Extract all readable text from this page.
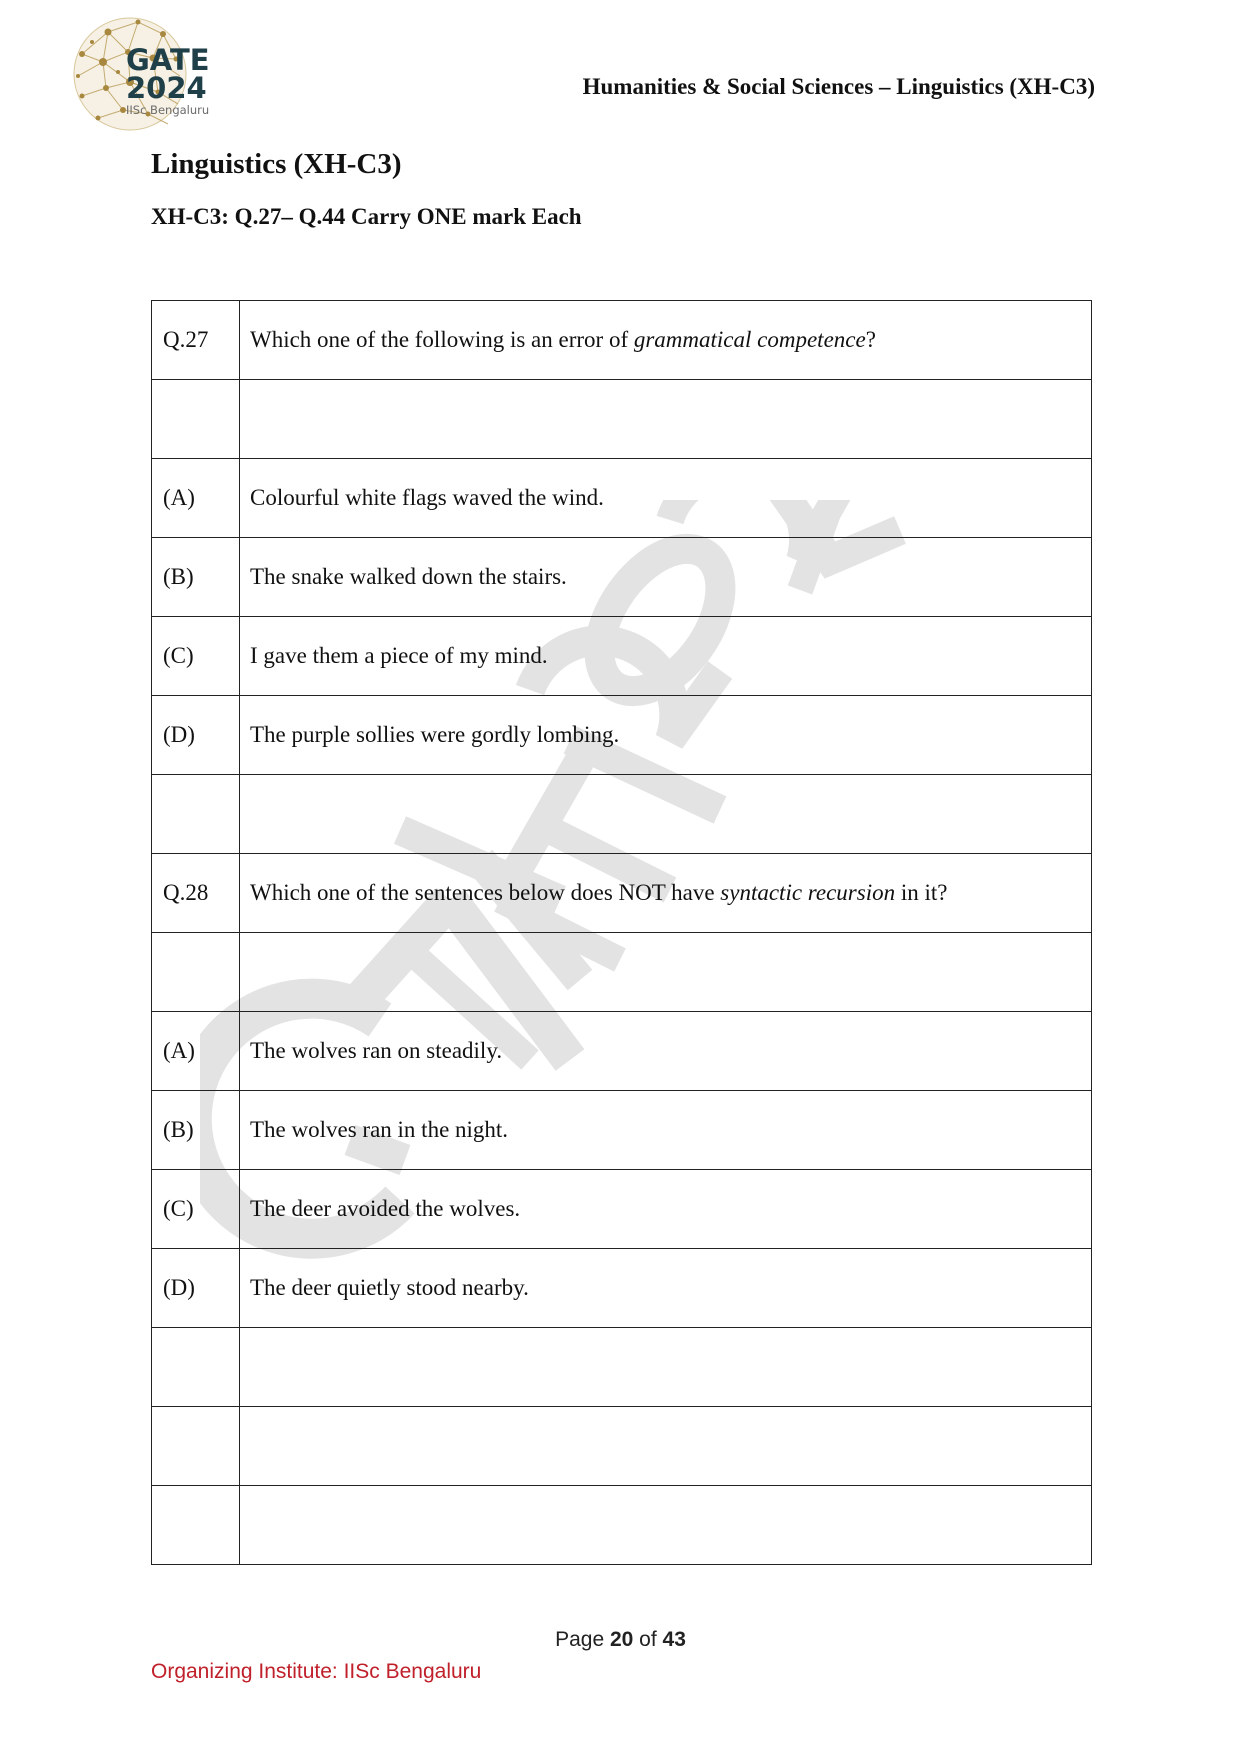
GATE
2024
IISc Bengaluru
Humanities & Social Sciences – Linguistics (XH-C3)
Linguistics (XH-C3)
XH-C3: Q.27– Q.44 Carry ONE mark Each
Q.27	Which one of the following is an error of grammatical competence?

(A)	Colourful white flags waved the wind.
(B)	The snake walked down the stairs.
(C)	I gave them a piece of my mind.
(D)	The purple sollies were gordly lombing.

Q.28	Which one of the sentences below does NOT have syntactic recursion in it?

(A)	The wolves ran on steadily.
(B)	The wolves ran in the night.
(C)	The deer avoided the wolves.
(D)	The deer quietly stood nearby.

Page 20 of 43
Organizing Institute: IISc Bengaluru
